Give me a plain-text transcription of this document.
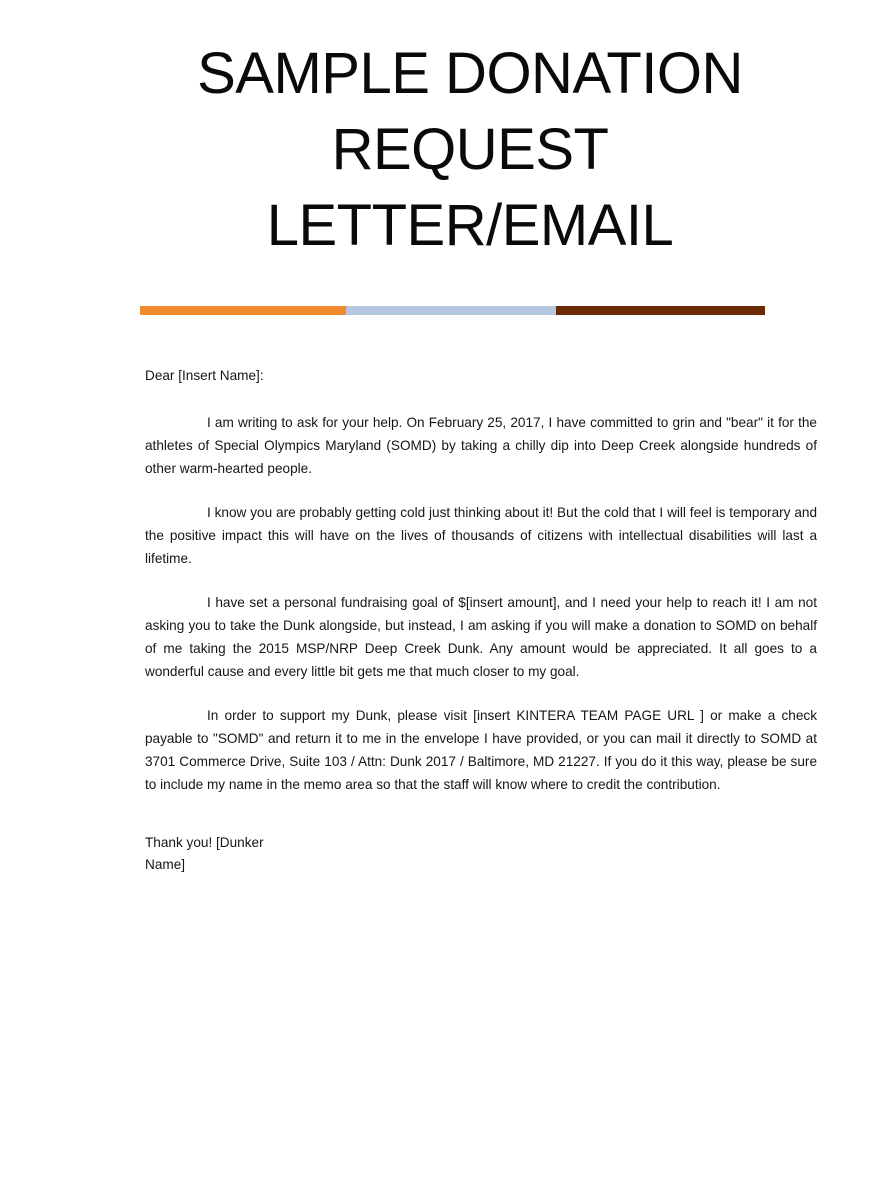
SAMPLE DONATION
REQUEST
LETTER/EMAIL

Dear [Insert Name]:

I am writing to ask for your help. On February 25, 2017, I have committed to grin and "bear" it for the athletes of Special Olympics Maryland (SOMD) by taking a chilly dip into Deep Creek alongside hundreds of other warm-hearted people.

I know you are probably getting cold just thinking about it! But the cold that I will feel is temporary and the positive impact this will have on the lives of thousands of citizens with intellectual disabilities will last a lifetime.

I have set a personal fundraising goal of $[insert amount], and I need your help to reach it! I am not asking you to take the Dunk alongside, but instead, I am asking if you will make a donation to SOMD on behalf of me taking the 2015 MSP/NRP Deep Creek Dunk. Any amount would be appreciated. It all goes to a wonderful cause and every little bit gets me that much closer to my goal.

In order to support my Dunk, please visit [insert KINTERA TEAM PAGE URL ] or make a check payable to "SOMD" and return it to me in the envelope I have provided, or you can mail it directly to SOMD at 3701 Commerce Drive, Suite 103 / Attn: Dunk 2017 / Baltimore, MD 21227. If you do it this way, please be sure to include my name in the memo area so that the staff will know where to credit the contribution.

Thank you! [Dunker Name]
